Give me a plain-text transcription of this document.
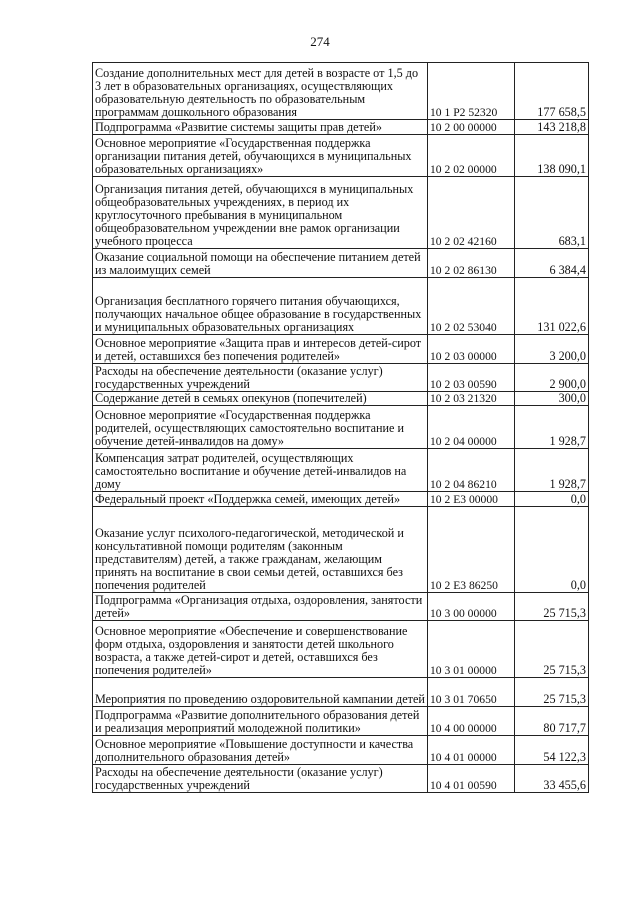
274
Создание дополнительных мест для детей в возрасте от 1,5 до 3 лет в образовательных организациях, осуществляющих образовательную деятельность по образовательным программам дошкольного образования	10 1 P2 52320	177 658,5
Подпрограмма «Развитие системы защиты прав детей»	10 2 00 00000	143 218,8
Основное мероприятие «Государственная поддержка организации питания детей, обучающихся в муниципальных образовательных организациях»	10 2 02 00000	138 090,1
Организация питания детей, обучающихся в муниципальных общеобразовательных учреждениях, в период их круглосуточного пребывания в муниципальном общеобразовательном учреждении вне рамок организации учебного процесса	10 2 02 42160	683,1
Оказание социальной помощи на обеспечение питанием детей из малоимущих семей	10 2 02 86130	6 384,4
Организация бесплатного горячего питания обучающихся, получающих начальное общее образование в государственных и муниципальных образовательных организациях	10 2 02 53040	131 022,6
Основное мероприятие «Защита прав и интересов детей-сирот и детей, оставшихся без попечения родителей»	10 2 03 00000	3 200,0
Расходы на обеспечение деятельности (оказание услуг) государственных учреждений	10 2 03 00590	2 900,0
Содержание детей в семьях опекунов (попечителей)	10 2 03 21320	300,0
Основное мероприятие «Государственная поддержка родителей, осуществляющих самостоятельно воспитание и обучение детей-инвалидов на дому»	10 2 04 00000	1 928,7
Компенсация затрат родителей, осуществляющих самостоятельно воспитание и обучение детей-инвалидов на дому	10 2 04 86210	1 928,7
Федеральный проект «Поддержка семей, имеющих детей»	10 2 E3 00000	0,0
Оказание услуг психолого-педагогической, методической и консультативной помощи родителям (законным представителям) детей, а также гражданам, желающим принять на воспитание в свои семьи детей, оставшихся без попечения родителей	10 2 E3 86250	0,0
Подпрограмма «Организация отдыха, оздоровления, занятости детей»	10 3 00 00000	25 715,3
Основное мероприятие «Обеспечение и совершенствование форм отдыха, оздоровления и занятости детей школьного возраста, а также детей-сирот и детей, оставшихся без попечения родителей»	10 3 01 00000	25 715,3
Мероприятия по проведению оздоровительной кампании детей	10 3 01 70650	25 715,3
Подпрограмма «Развитие дополнительного образования детей и реализация мероприятий молодежной политики»	10 4 00 00000	80 717,7
Основное мероприятие «Повышение доступности и качества дополнительного образования детей»	10 4 01 00000	54 122,3
Расходы на обеспечение деятельности (оказание услуг) государственных учреждений	10 4 01 00590	33 455,6
